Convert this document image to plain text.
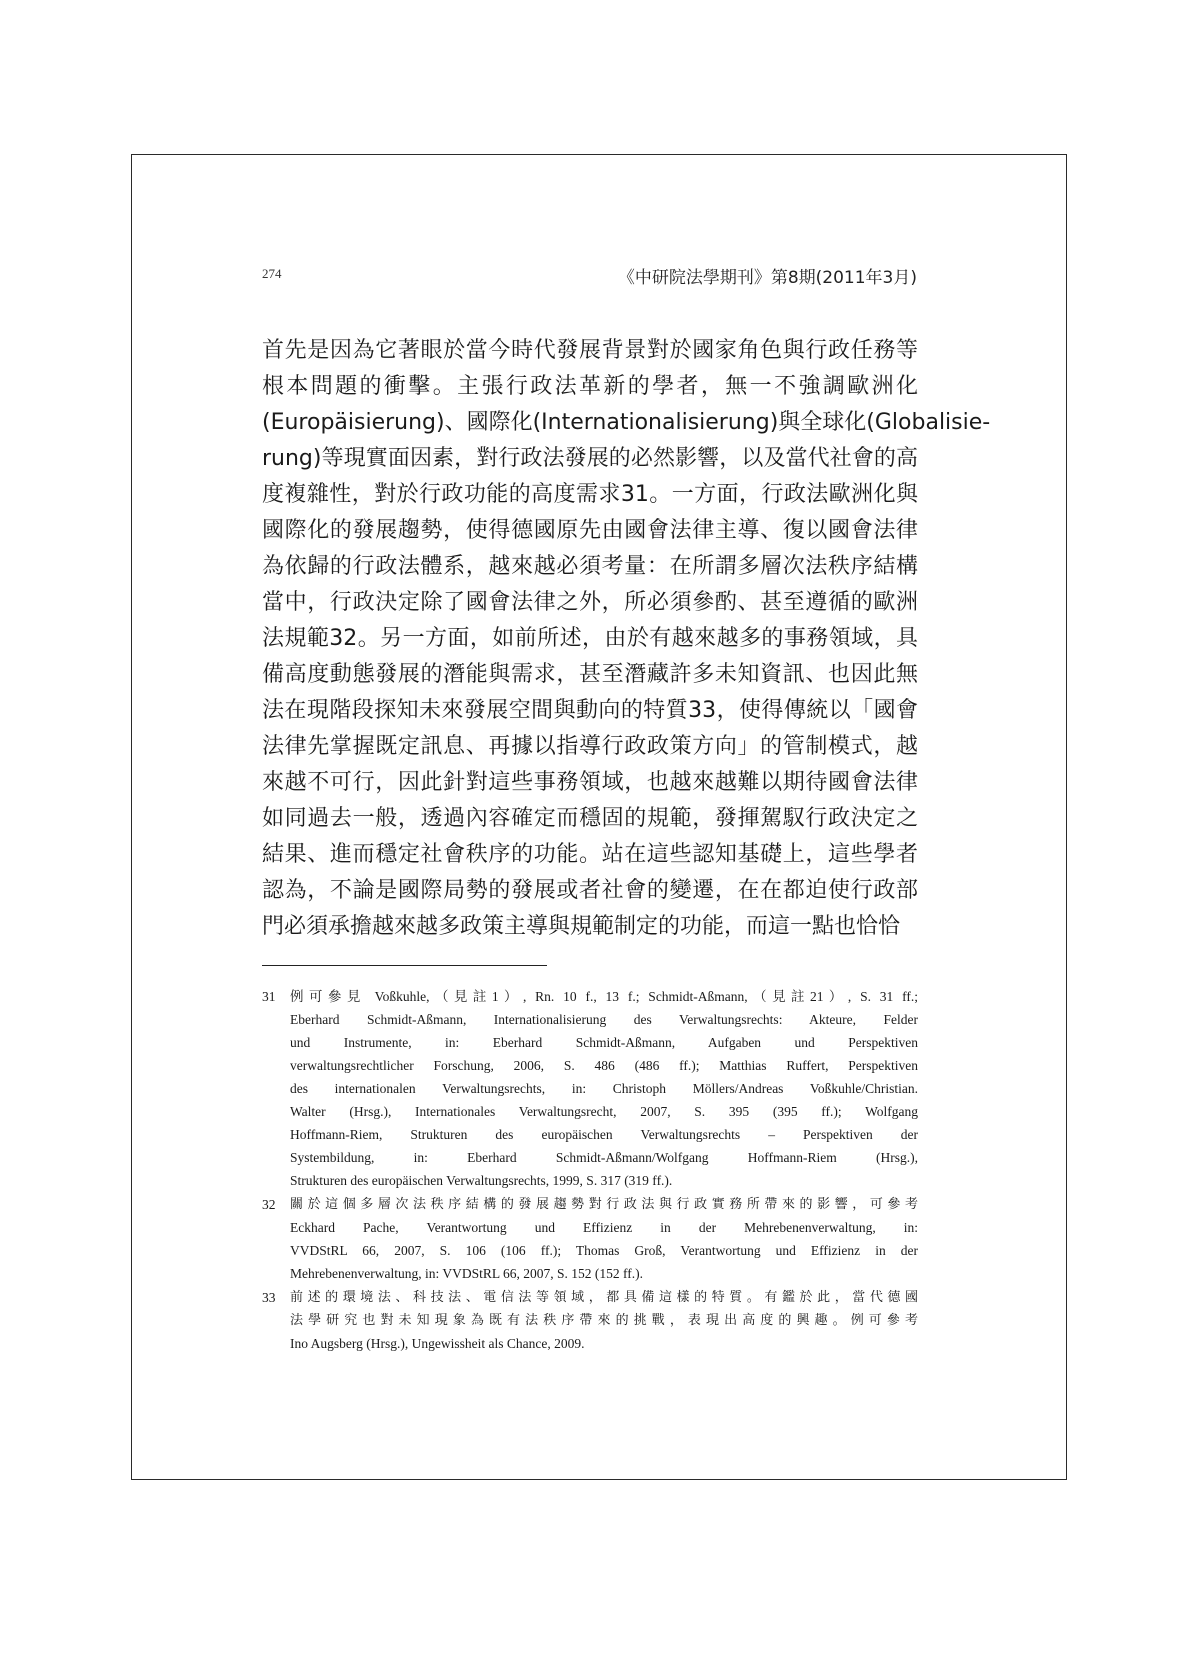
274	《中研院法學期刊》第8期(2011年3月)
首先是因為它著眼於當今時代發展背景對於國家角色與行政任務等
根本問題的衝擊。主張行政法革新的學者，無一不強調歐洲化
(Europäisierung)、國際化(Internationalisierung)與全球化(Globalisie-
rung)等現實面因素，對行政法發展的必然影響，以及當代社會的高
度複雜性，對於行政功能的高度需求31。一方面，行政法歐洲化與
國際化的發展趨勢，使得德國原先由國會法律主導、復以國會法律
為依歸的行政法體系，越來越必須考量：在所謂多層次法秩序結構
當中，行政決定除了國會法律之外，所必須參酌、甚至遵循的歐洲
法規範32。另一方面，如前所述，由於有越來越多的事務領域，具
備高度動態發展的潛能與需求，甚至潛藏許多未知資訊、也因此無
法在現階段探知未來發展空間與動向的特質33，使得傳統以「國會
法律先掌握既定訊息、再據以指導行政政策方向」的管制模式，越
來越不可行，因此針對這些事務領域，也越來越難以期待國會法律
如同過去一般，透過內容確定而穩固的規範，發揮駕馭行政決定之
結果、進而穩定社會秩序的功能。站在這些認知基礎上，這些學者
認為，不論是國際局勢的發展或者社會的變遷，在在都迫使行政部
門必須承擔越來越多政策主導與規範制定的功能，而這一點也恰恰
31 例可參見 Voßkuhle,（見註1）, Rn. 10 f., 13 f.; Schmidt-Aßmann,（見註21）, S. 31 ff.;
Eberhard Schmidt-Aßmann, Internationalisierung des Verwaltungsrechts: Akteure, Felder
und Instrumente, in: Eberhard Schmidt-Aßmann, Aufgaben und Perspektiven
verwaltungsrechtlicher Forschung, 2006, S. 486 (486 ff.); Matthias Ruffert, Perspektiven
des internationalen Verwaltungsrechts, in: Christoph Möllers/Andreas Voßkuhle/Christian.
Walter (Hrsg.), Internationales Verwaltungsrecht, 2007, S. 395 (395 ff.); Wolfgang
Hoffmann-Riem, Strukturen des europäischen Verwaltungsrechts – Perspektiven der
Systembildung, in: Eberhard Schmidt-Aßmann/Wolfgang Hoffmann-Riem (Hrsg.),
Strukturen des europäischen Verwaltungsrechts, 1999, S. 317 (319 ff.).
32 關於這個多層次法秩序結構的發展趨勢對行政法與行政實務所帶來的影響，可參考
Eckhard Pache, Verantwortung und Effizienz in der Mehrebenenverwaltung, in:
VVDStRL 66, 2007, S. 106 (106 ff.); Thomas Groß, Verantwortung und Effizienz in der
Mehrebenenverwaltung, in: VVDStRL 66, 2007, S. 152 (152 ff.).
33 前述的環境法、科技法、電信法等領域，都具備這樣的特質。有鑑於此，當代德國
法學研究也對未知現象為既有法秩序帶來的挑戰，表現出高度的興趣。例可參考
Ino Augsberg (Hrsg.), Ungewissheit als Chance, 2009.
